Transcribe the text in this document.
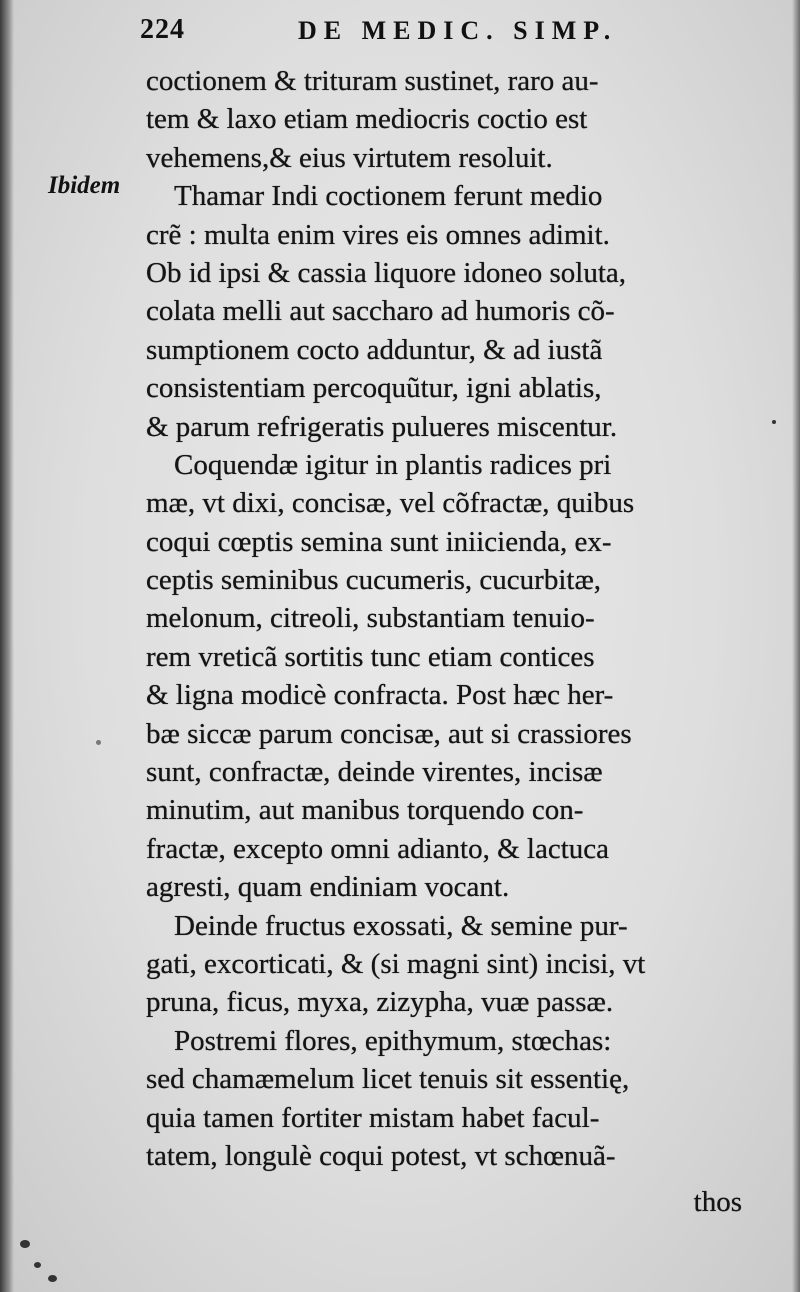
224	DE MEDIC. SIMP.
Ibidem
coctionem & trituram sustinet, raro au-
tem & laxo etiam mediocris coctio est
vehemens,& eius virtutem resoluit.
Thamar Indi coctionem ferunt medio
crẽ : multa enim vires eis omnes adimit.
Ob id ipsi & cassia liquore idoneo soluta,
colata melli aut saccharo ad humoris cõ-
sumptionem cocto adduntur, & ad iustã
consistentiam percoquũtur, igni ablatis,
& parum refrigeratis pulueres miscentur.
Coquendæ igitur in plantis radices pri
mæ, vt dixi, concisæ, vel cõfractæ, quibus
coqui cœptis semina sunt iniicienda, ex-
ceptis seminibus cucumeris, cucurbitæ,
melonum, citreoli, substantiam tenuio-
rem vreticã sortitis tunc etiam contices
& ligna modicè confracta. Post hæc her-
bæ siccæ parum concisæ, aut si crassiores
sunt, confractæ, deinde virentes, incisæ
minutim, aut manibus torquendo con-
fractæ, excepto omni adianto, & lactuca
agresti, quam endiniam vocant.
Deinde fructus exossati, & semine pur-
gati, excorticati, & (si magni sint) incisi, vt
pruna, ficus, myxa, zizypha, vuæ passæ.
Postremi flores, epithymum, stœchas:
sed chamæmelum licet tenuis sit essentię,
quia tamen fortiter mistam habet facul-
tatem, longulè coqui potest, vt schœnuã-
thos
